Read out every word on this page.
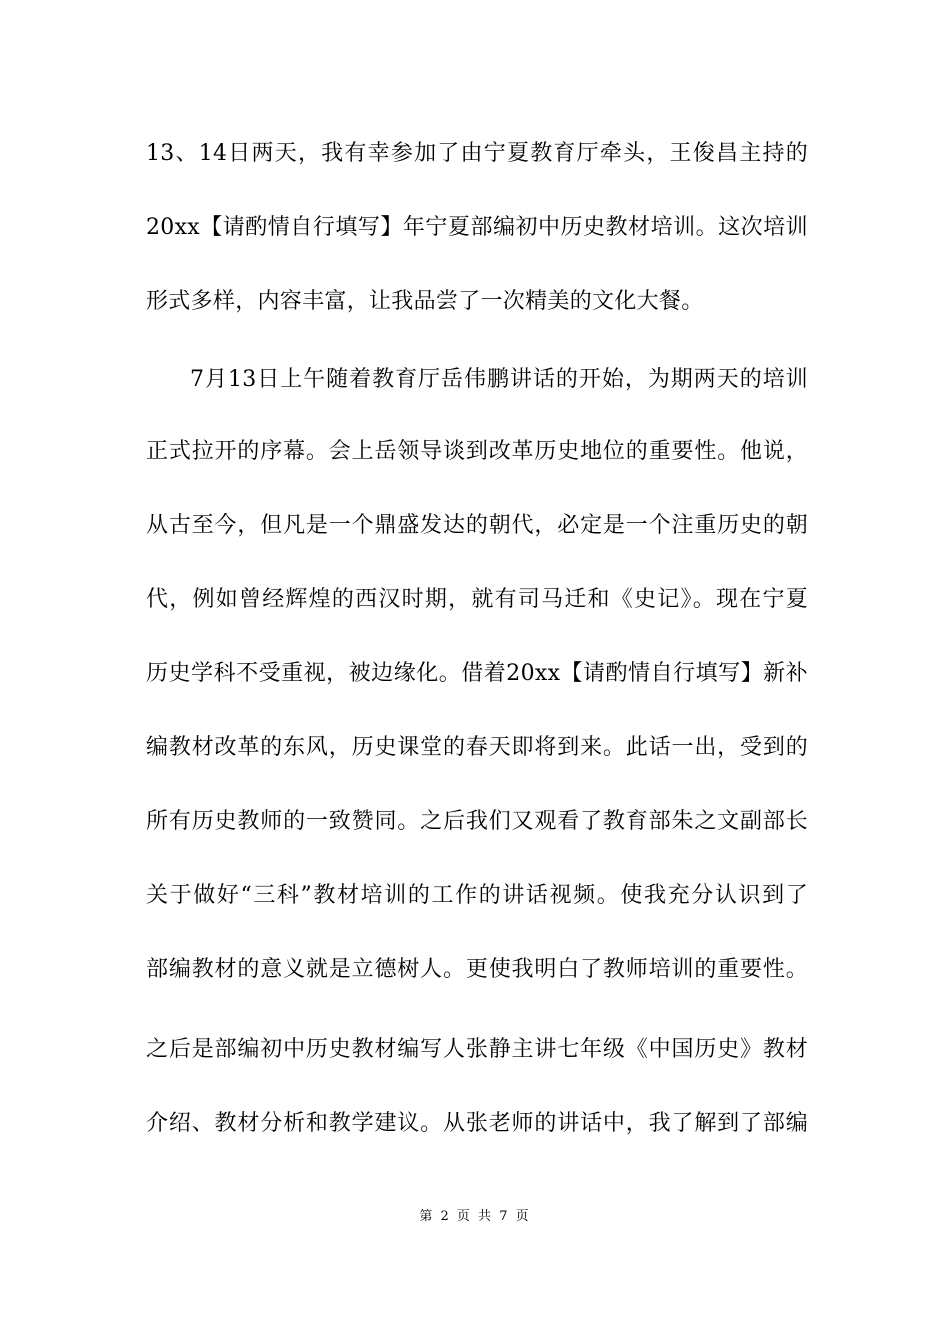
13、14日两天，我有幸参加了由宁夏教育厅牵头，王俊昌主持的
20xx【请酌情自行填写】年宁夏部编初中历史教材培训。这次培训
形式多样，内容丰富，让我品尝了一次精美的文化大餐。
7月13日上午随着教育厅岳伟鹏讲话的开始，为期两天的培训
正式拉开的序幕。会上岳领导谈到改革历史地位的重要性。他说，
从古至今，但凡是一个鼎盛发达的朝代，必定是一个注重历史的朝
代，例如曾经辉煌的西汉时期，就有司马迁和《史记》。现在宁夏
历史学科不受重视，被边缘化。借着20xx【请酌情自行填写】新补
编教材改革的东风，历史课堂的春天即将到来。此话一出，受到的
所有历史教师的一致赞同。之后我们又观看了教育部朱之文副部长
关于做好“三科”教材培训的工作的讲话视频。使我充分认识到了
部编教材的意义就是立德树人。更使我明白了教师培训的重要性。
之后是部编初中历史教材编写人张静主讲七年级《中国历史》教材
介绍、教材分析和教学建议。从张老师的讲话中，我了解到了部编
第 2 页 共 7 页
